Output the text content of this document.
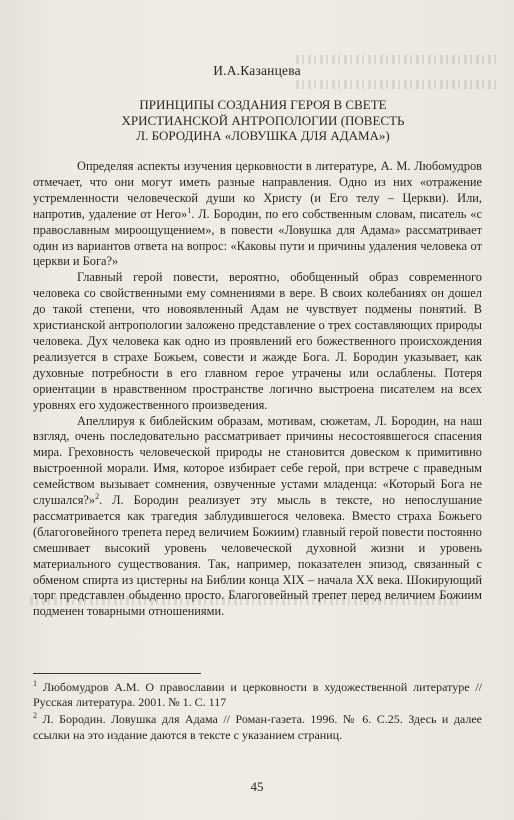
И.А.Казанцева
ПРИНЦИПЫ СОЗДАНИЯ ГЕРОЯ В СВЕТЕ
ХРИСТИАНСКОЙ АНТРОПОЛОГИИ (ПОВЕСТЬ
Л. БОРОДИНА «ЛОВУШКА ДЛЯ АДАМА»)

Определяя аспекты изучения церковности в литературе, А. М. Любомудров отмечает, что они могут иметь разные направления. Одно из них «отражение устремленности человеческой души ко Христу (и Его телу – Церкви). Или, напротив, удаление от Него»$^1$. Л. Бородин, по его собственным словам, писатель «с православным мироощущением», в повести «Ловушка для Адама» рассматривает один из вариантов ответа на вопрос: «Каковы пути и причины удаления человека от церкви и Бога?»

Главный герой повести, вероятно, обобщенный образ современного человека со свойственными ему сомнениями в вере. В своих колебаниях он дошел до такой степени, что новоявленный Адам не чувствует подмены понятий. В христианской антропологии заложено представление о трех составляющих природы человека. Дух человека как одно из проявлений его божественного происхождения реализуется в страхе Божьем, совести и жажде Бога. Л. Бородин указывает, как духовные потребности в его главном герое утрачены или ослаблены. Потеря ориентации в нравственном пространстве логично выстроена писателем на всех уровнях его художественного произведения.

Апеллируя к библейским образам, мотивам, сюжетам, Л. Бородин, на наш взгляд, очень последовательно рассматривает причины несостоявшегося спасения мира. Греховность человеческой природы не становится довеском к примитивно выстроенной морали. Имя, которое избирает себе герой, при встрече с праведным семейством вызывает сомнения, озвученные устами младенца: «Который Бога не слушался?»$^2$. Л. Бородин реализует эту мысль в тексте, но непослушание рассматривается как трагедия заблудившегося человека. Вместо страха Божьего (благоговейного трепета перед величием Божиим) главный герой повести постоянно смешивает высокий уровень человеческой духовной жизни и уровень материального существования. Так, например, показателен эпизод, связанный с обменом спирта из цистерны на Библии конца XIX – начала XX века. Шокирующий торг представлен обыденно просто. Благоговейный трепет перед величием Божиим подменен товарными отношениями.

$^1$ Любомудров А.М. О православии и церковности в художественной литературе // Русская литература. 2001. № 1. С. 117

$^2$ Л. Бородин. Ловушка для Адама // Роман-газета. 1996. № 6. С.25. Здесь и далее ссылки на это издание даются в тексте с указанием страниц.

45
